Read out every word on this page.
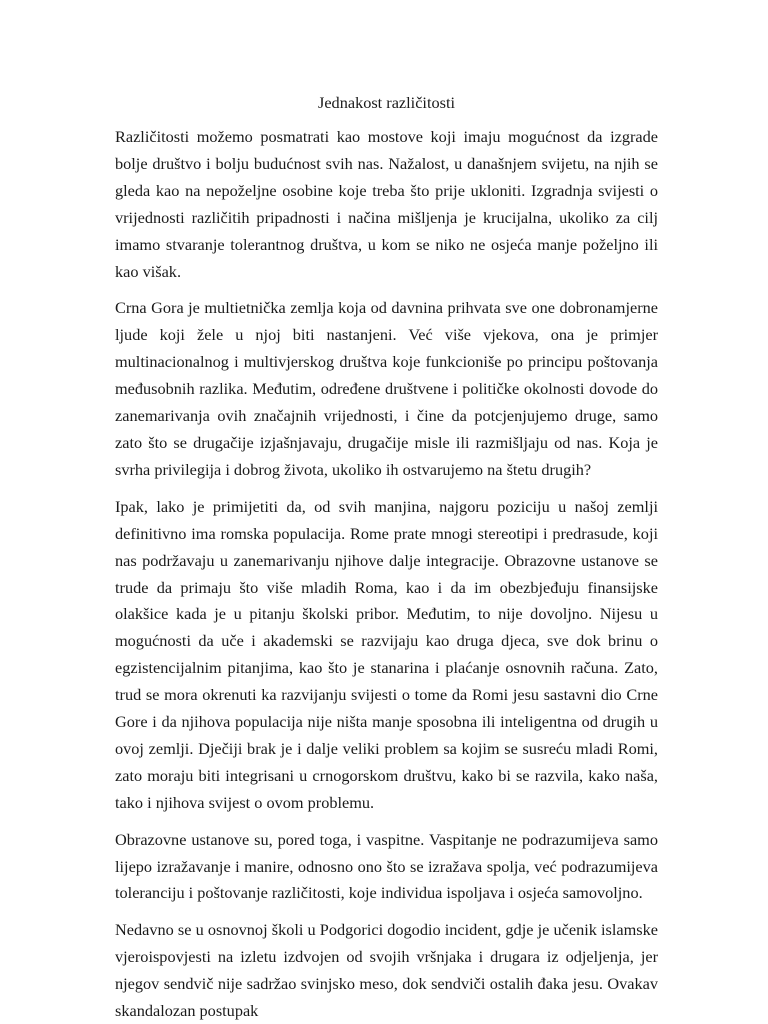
Jednakost različitosti

Različitosti možemo posmatrati kao mostove koji imaju mogućnost da izgrade bolje društvo i bolju budućnost svih nas. Nažalost, u današnjem svijetu, na njih se gleda kao na nepoželjne osobine koje treba što prije ukloniti. Izgradnja svijesti o vrijednosti različitih pripadnosti i načina mišljenja je krucijalna, ukoliko za cilj imamo stvaranje tolerantnog društva, u kom se niko ne osjeća manje poželjno ili kao višak.

Crna Gora je multietnička zemlja koja od davnina prihvata sve one dobronamjerne ljude koji žele u njoj biti nastanjeni. Već više vjekova, ona je primjer multinacionalnog i multivjerskog društva koje funkcioniše po principu poštovanja međusobnih razlika. Međutim, određene društvene i političke okolnosti dovode do zanemarivanja ovih značajnih vrijednosti, i čine da potcjenjujemo druge, samo zato što se drugačije izjašnjavaju, drugačije misle ili razmišljaju od nas. Koja je svrha privilegija i dobrog života, ukoliko ih ostvarujemo na štetu drugih?

Ipak, lako je primijetiti da, od svih manjina, najgoru poziciju u našoj zemlji definitivno ima romska populacija. Rome prate mnogi stereotipi i predrasude, koji nas podržavaju u zanemarivanju njihove dalje integracije. Obrazovne ustanove se trude da primaju što više mladih Roma, kao i da im obezbjeđuju finansijske olakšice kada je u pitanju školski pribor. Međutim, to nije dovoljno. Nijesu u mogućnosti da uče i akademski se razvijaju kao druga djeca, sve dok brinu o egzistencijalnim pitanjima, kao što je stanarina i plaćanje osnovnih računa. Zato, trud se mora okrenuti ka razvijanju svijesti o tome da Romi jesu sastavni dio Crne Gore i da njihova populacija nije ništa manje sposobna ili inteligentna od drugih u ovoj zemlji. Dječiji brak je i dalje veliki problem sa kojim se susreću mladi Romi, zato moraju biti integrisani u crnogorskom društvu, kako bi se razvila, kako naša, tako i njihova svijest o ovom problemu.

Obrazovne ustanove su, pored toga, i vaspitne. Vaspitanje ne podrazumijeva samo lijepo izražavanje i manire, odnosno ono što se izražava spolja, već podrazumijeva toleranciju i poštovanje različitosti, koje individua ispoljava i osjeća samovoljno.

Nedavno se u osnovnoj školi u Podgorici dogodio incident, gdje je učenik islamske vjeroispovjesti na izletu izdvojen od svojih vršnjaka i drugara iz odjeljenja, jer njegov sendvič nije sadržao svinjsko meso, dok sendviči ostalih đaka jesu. Ovakav skandalozan postupak
